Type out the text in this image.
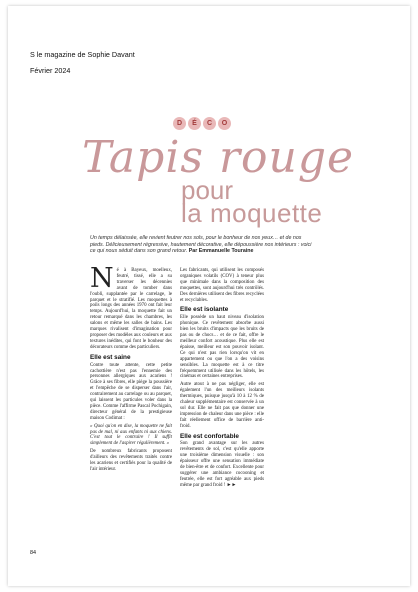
S le magazine de Sophie Davant
Février 2024
D	É	C	O
Tapis rouge
pour
la moquette
Un temps délaissée, elle revient feutrer nos sols, pour le bonheur de nos yeux… et de nos pieds. Délicieusement régressive, hautement décorative, elle dépoussière nos intérieurs : voici ce qui nous séduit dans son grand retour. Par Emmanuelle Touraine
N é à Bayeux, moelleux, feutré, tissé, elle a su traverser les décennies avant de tomber dans l'oubli, supplantée par le carrelage, le parquet et le stratifié. Les moquettes à poils longs des années 1970 ont fait leur temps. Aujourd'hui, la moquette fait un retour remarqué dans les chambres, les salons et même les salles de bains. Les marques rivalisent d'imagination pour proposer des modèles aux couleurs et aux textures inédites, qui font le bonheur des décorateurs comme des particuliers.

Elle est saine

Contre toute attente, cette petite cachottière n'est pas l'ennemie des personnes allergiques aux acariens ! Grâce à ses fibres, elle piège la poussière et l'empêche de se disperser dans l'air, contrairement au carrelage ou au parquet, qui laissent les particules voler dans la pièce. Comme l'affirme Pascal Pochigain, directeur général de la prestigieuse maison Codimat :

« Quoi qu'on en dise, la moquette ne fait pas de mal, ni aux enfants ni aux chiens. C'est tout le contraire ! Il suffit simplement de l'aspirer régulièrement. »

De nombreux fabricants proposent d'ailleurs des revêtements traités contre les acariens et certifiés pour la qualité de l'air intérieur.

Les fabricants, qui utilisent les composés organiques volatils (COV) à teneur plus que minimale dans la composition des moquettes, sont aujourd'hui très contrôlés. Des dernières utilisent des fibres recyclées et recyclables.

Elle est isolante

Elle possède un haut niveau d'isolation phonique. Ce revêtement absorbe aussi bien les bruits d'impacts que les bruits de pas ou de chocs… et de ce fait, offre le meilleur confort acoustique. Plus elle est épaisse, meilleur est son pouvoir isolant. Ce qui n'est pas rien lorsqu'on vit en appartement ou que l'on a des voisins sensibles. La moquette est à ce titre fréquemment utilisée dans les hôtels, les cinémas et certaines entreprises.

Autre atout à ne pas négliger, elle est également l'un des meilleurs isolants thermiques, puisque jusqu'à 10 à 12 % de chaleur supplémentaire est conservée à un sol dur. Elle ne fait pas que donner une impression de chaleur dans une pièce : elle fait réellement office de barrière anti-froid.

Elle est confortable

Son grand avantage sur les autres revêtements de sol, c'est qu'elle apporte une troisième dimension visuelle : son épaisseur offre une sensation immédiate de bien-être et de confort. Excellente pour suggérer une ambiance cocooning et feutrée, elle est fort agréable aux pieds même par grand froid ! ►►

84
